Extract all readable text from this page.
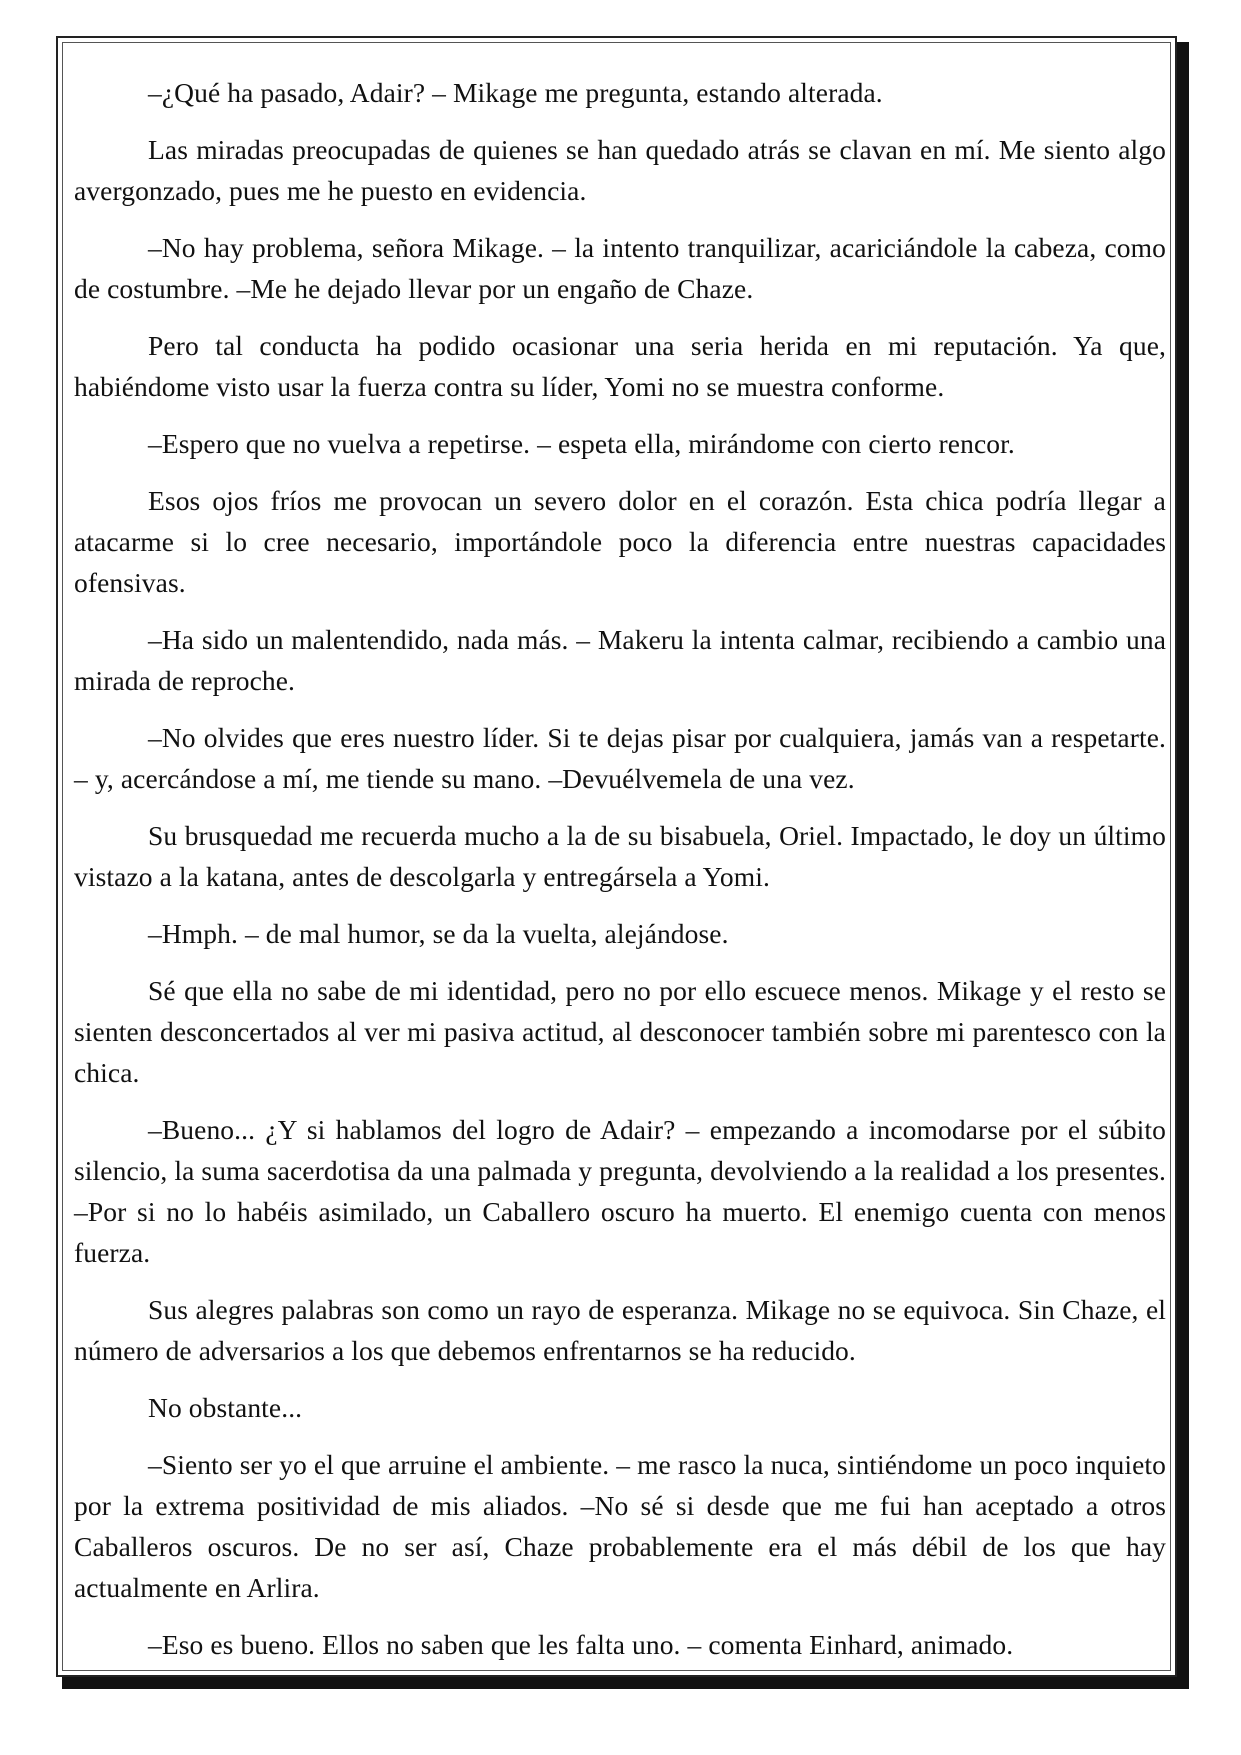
–¿Qué ha pasado, Adair? – Mikage me pregunta, estando alterada.

Las miradas preocupadas de quienes se han quedado atrás se clavan en mí. Me siento algo avergonzado, pues me he puesto en evidencia.

–No hay problema, señora Mikage. – la intento tranquilizar, acariciándole la cabeza, como de costumbre. –Me he dejado llevar por un engaño de Chaze.

Pero tal conducta ha podido ocasionar una seria herida en mi reputación. Ya que, habiéndome visto usar la fuerza contra su líder, Yomi no se muestra conforme.

–Espero que no vuelva a repetirse. – espeta ella, mirándome con cierto rencor.

Esos ojos fríos me provocan un severo dolor en el corazón. Esta chica podría llegar a atacarme si lo cree necesario, importándole poco la diferencia entre nuestras capacidades ofensivas.

–Ha sido un malentendido, nada más. – Makeru la intenta calmar, recibiendo a cambio una mirada de reproche.

–No olvides que eres nuestro líder. Si te dejas pisar por cualquiera, jamás van a respetarte. – y, acercándose a mí, me tiende su mano. –Devuélvemela de una vez.

Su brusquedad me recuerda mucho a la de su bisabuela, Oriel. Impactado, le doy un último vistazo a la katana, antes de descolgarla y entregársela a Yomi.

–Hmph. – de mal humor, se da la vuelta, alejándose.

Sé que ella no sabe de mi identidad, pero no por ello escuece menos. Mikage y el resto se sienten desconcertados al ver mi pasiva actitud, al desconocer también sobre mi parentesco con la chica.

–Bueno... ¿Y si hablamos del logro de Adair? – empezando a incomodarse por el súbito silencio, la suma sacerdotisa da una palmada y pregunta, devolviendo a la realidad a los presentes. –Por si no lo habéis asimilado, un Caballero oscuro ha muerto. El enemigo cuenta con menos fuerza.

Sus alegres palabras son como un rayo de esperanza. Mikage no se equivoca. Sin Chaze, el número de adversarios a los que debemos enfrentarnos se ha reducido.

No obstante...

–Siento ser yo el que arruine el ambiente. – me rasco la nuca, sintiéndome un poco inquieto por la extrema positividad de mis aliados. –No sé si desde que me fui han aceptado a otros Caballeros oscuros. De no ser así, Chaze probablemente era el más débil de los que hay actualmente en Arlira.

–Eso es bueno. Ellos no saben que les falta uno. – comenta Einhard, animado.
